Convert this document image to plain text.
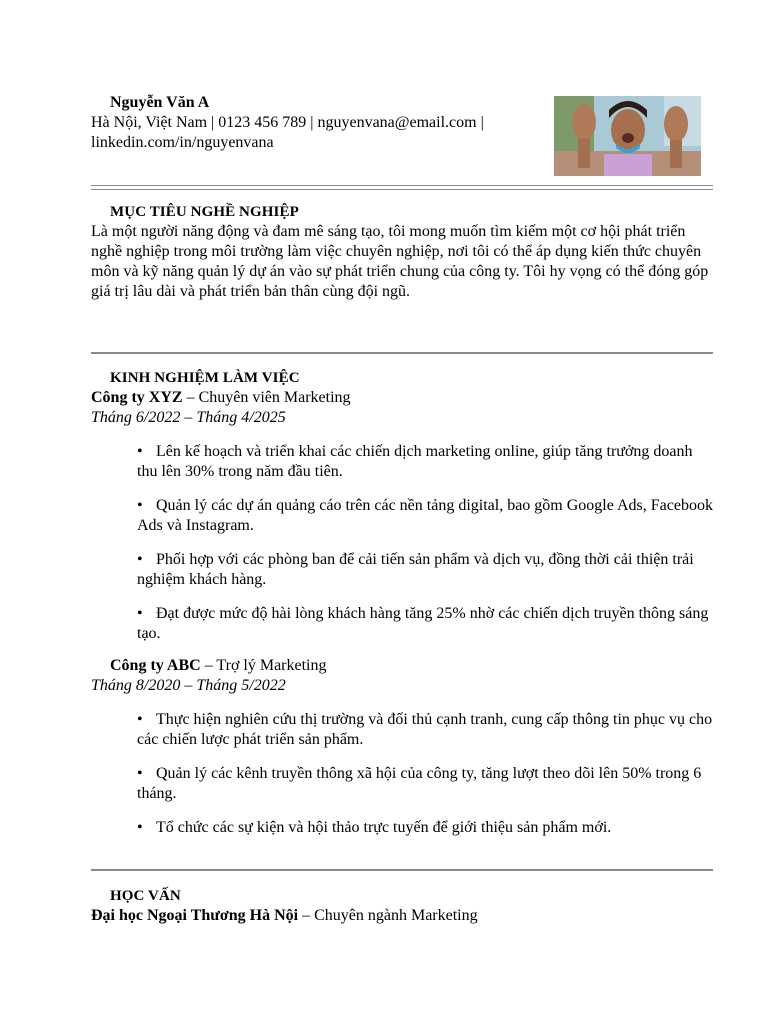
Nguyễn Văn A
Hà Nội, Việt Nam | 0123 456 789 | nguyenvana@email.com |
linkedin.com/in/nguyenvana
MỤC TIÊU NGHỀ NGHIỆP

Là một người năng động và đam mê sáng tạo, tôi mong muốn tìm kiếm một cơ hội phát triển nghề nghiệp trong môi trường làm việc chuyên nghiệp, nơi tôi có thể áp dụng kiến thức chuyên môn và kỹ năng quản lý dự án vào sự phát triển chung của công ty. Tôi hy vọng có thể đóng góp giá trị lâu dài và phát triển bản thân cùng đội ngũ.

KINH NGHIỆM LÀM VIỆC
Công ty XYZ – Chuyên viên Marketing
Tháng 6/2022 – Tháng 4/2025
• Lên kế hoạch và triển khai các chiến dịch marketing online, giúp tăng trưởng doanh thu lên 30% trong năm đầu tiên.
• Quản lý các dự án quảng cáo trên các nền tảng digital, bao gồm Google Ads, Facebook Ads và Instagram.
• Phối hợp với các phòng ban để cải tiến sản phẩm và dịch vụ, đồng thời cải thiện trải nghiệm khách hàng.
• Đạt được mức độ hài lòng khách hàng tăng 25% nhờ các chiến dịch truyền thông sáng tạo.
Công ty ABC – Trợ lý Marketing
Tháng 8/2020 – Tháng 5/2022
• Thực hiện nghiên cứu thị trường và đối thủ cạnh tranh, cung cấp thông tin phục vụ cho các chiến lược phát triển sản phẩm.
• Quản lý các kênh truyền thông xã hội của công ty, tăng lượt theo dõi lên 50% trong 6 tháng.
• Tổ chức các sự kiện và hội thảo trực tuyến để giới thiệu sản phẩm mới.
HỌC VẤN
Đại học Ngoại Thương Hà Nội – Chuyên ngành Marketing
